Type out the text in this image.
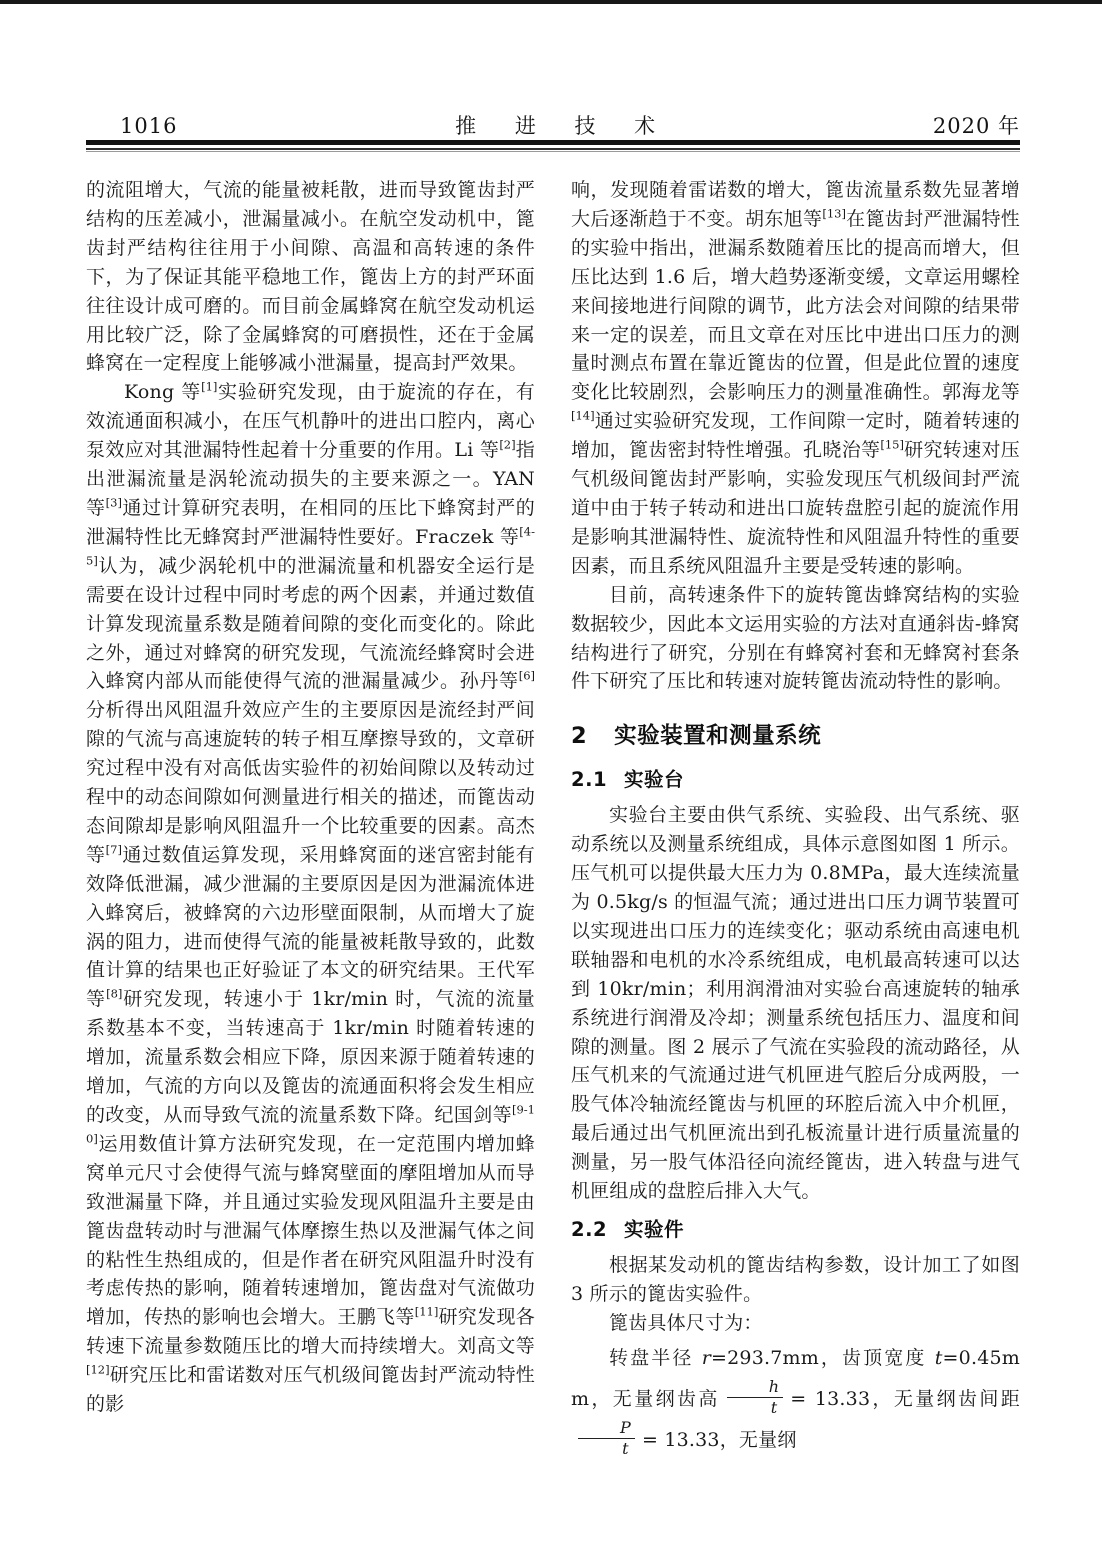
1016	推 进 技 术	2020 年

的流阻增大，气流的能量被耗散，进而导致篦齿封严结构的压差减小，泄漏量减小。在航空发动机中，篦齿封严结构往往用于小间隙、高温和高转速的条件下，为了保证其能平稳地工作，篦齿上方的封严环面往往设计成可磨的。而目前金属蜂窝在航空发动机运用比较广泛，除了金属蜂窝的可磨损性，还在于金属蜂窝在一定程度上能够减小泄漏量，提高封严效果。

Kong 等[1]实验研究发现，由于旋流的存在，有效流通面积减小，在压气机静叶的进出口腔内，离心泵效应对其泄漏特性起着十分重要的作用。Li 等[2]指出泄漏流量是涡轮流动损失的主要来源之一。YAN 等[3]通过计算研究表明，在相同的压比下蜂窝封严的泄漏特性比无蜂窝封严泄漏特性要好。Fraczek 等[4-5]认为，减少涡轮机中的泄漏流量和机器安全运行是需要在设计过程中同时考虑的两个因素，并通过数值计算发现流量系数是随着间隙的变化而变化的。除此之外，通过对蜂窝的研究发现，气流流经蜂窝时会进入蜂窝内部从而能使得气流的泄漏量减少。孙丹等[6]分析得出风阻温升效应产生的主要原因是流经封严间隙的气流与高速旋转的转子相互摩擦导致的，文章研究过程中没有对高低齿实验件的初始间隙以及转动过程中的动态间隙如何测量进行相关的描述，而篦齿动态间隙却是影响风阻温升一个比较重要的因素。高杰等[7]通过数值运算发现，采用蜂窝面的迷宫密封能有效降低泄漏，减少泄漏的主要原因是因为泄漏流体进入蜂窝后，被蜂窝的六边形壁面限制，从而增大了旋涡的阻力，进而使得气流的能量被耗散导致的，此数值计算的结果也正好验证了本文的研究结果。王代军等[8]研究发现，转速小于 1kr/min 时，气流的流量系数基本不变，当转速高于 1kr/min 时随着转速的增加，流量系数会相应下降，原因来源于随着转速的增加，气流的方向以及篦齿的流通面积将会发生相应的改变，从而导致气流的流量系数下降。纪国剑等[9-10]运用数值计算方法研究发现，在一定范围内增加蜂窝单元尺寸会使得气流与蜂窝壁面的摩阻增加从而导致泄漏量下降，并且通过实验发现风阻温升主要是由篦齿盘转动时与泄漏气体摩擦生热以及泄漏气体之间的粘性生热组成的，但是作者在研究风阻温升时没有考虑传热的影响，随着转速增加，篦齿盘对气流做功增加，传热的影响也会增大。王鹏飞等[11]研究发现各转速下流量参数随压比的增大而持续增大。刘高文等[12]研究压比和雷诺数对压气机级间篦齿封严流动特性的影

响，发现随着雷诺数的增大，篦齿流量系数先显著增大后逐渐趋于不变。胡东旭等[13]在篦齿封严泄漏特性的实验中指出，泄漏系数随着压比的提高而增大，但压比达到 1.6 后，增大趋势逐渐变缓，文章运用螺栓来间接地进行间隙的调节，此方法会对间隙的结果带来一定的误差，而且文章在对压比中进出口压力的测量时测点布置在靠近篦齿的位置，但是此位置的速度变化比较剧烈，会影响压力的测量准确性。郭海龙等[14]通过实验研究发现，工作间隙一定时，随着转速的增加，篦齿密封特性增强。孔晓治等[15]研究转速对压气机级间篦齿封严影响，实验发现压气机级间封严流道中由于转子转动和进出口旋转盘腔引起的旋流作用是影响其泄漏特性、旋流特性和风阻温升特性的重要因素，而且系统风阻温升主要是受转速的影响。

目前，高转速条件下的旋转篦齿蜂窝结构的实验数据较少，因此本文运用实验的方法对直通斜齿-蜂窝结构进行了研究，分别在有蜂窝衬套和无蜂窝衬套条件下研究了压比和转速对旋转篦齿流动特性的影响。

2 实验装置和测量系统
2.1 实验台

实验台主要由供气系统、实验段、出气系统、驱动系统以及测量系统组成，具体示意图如图 1 所示。压气机可以提供最大压力为 0.8MPa，最大连续流量为 0.5kg/s 的恒温气流；通过进出口压力调节装置可以实现进出口压力的连续变化；驱动系统由高速电机联轴器和电机的水冷系统组成，电机最高转速可以达到 10kr/min；利用润滑油对实验台高速旋转的轴承系统进行润滑及冷却；测量系统包括压力、温度和间隙的测量。图 2 展示了气流在实验段的流动路径，从压气机来的气流通过进气机匣进气腔后分成两股，一股气体冷轴流经篦齿与机匣的环腔后流入中介机匣，最后通过出气机匣流出到孔板流量计进行质量流量的测量，另一股气体沿径向流经篦齿，进入转盘与进气机匣组成的盘腔后排入大气。

2.2 实验件

根据某发动机的篦齿结构参数，设计加工了如图 3 所示的篦齿实验件。

篦齿具体尺寸为：

转盘半径 r=293.7mm，齿顶宽度 t=0.45mm，无量纲齿高 $\frac{h}{t} = 13.33$，无量纲齿间距
$\frac{P}{t} = 13.33$，无量纲
